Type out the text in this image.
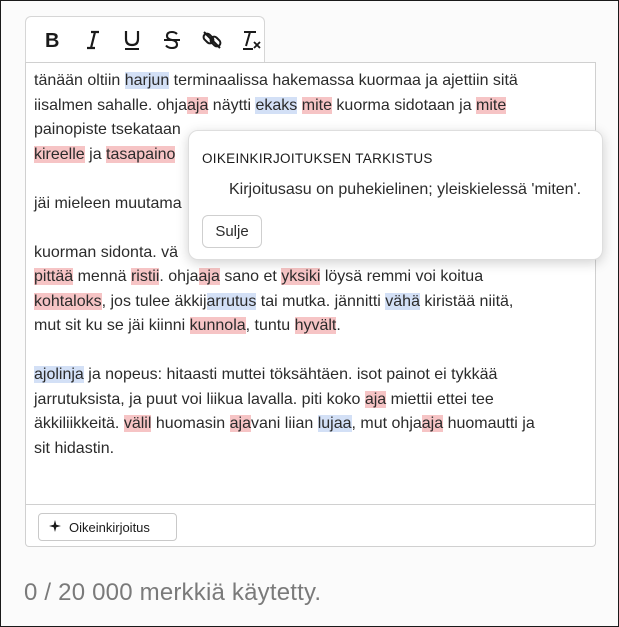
B

tänään oltiin harjun terminaalissa hakemassa kuormaa ja ajettiin sitä
iisalmen sahalle. ohjaaja näytti ekaks mite kuorma sidotaan ja mite
painopiste tsekataan
kireelle ja tasapaino

jäi mieleen muutama

kuorman sidonta. vä
pittää mennä ristii. ohjaaja sano et yksiki löysä remmi voi koitua
kohtaloks, jos tulee äkkijarrutus tai mutka. jännitti vähä kiristää niitä,
mut sit ku se jäi kiinni kunnola, tuntu hyvält.

ajolinja ja nopeus: hitaasti muttei töksähtäen. isot painot ei tykkää
jarrutuksista, ja puut voi liikua lavalla. piti koko aja miettii ettei tee
äkkiliikkeitä. välil huomasin ajavani liian lujaa, mut ohjaaja huomautti ja
sit hidastin.

Oikeinkirjoitus
0 / 20 000 merkkiä käytetty.
OIKEINKIRJOITUKSEN TARKISTUS
Kirjoitusasu on puhekielinen; yleiskielessä 'miten'.
Sulje
